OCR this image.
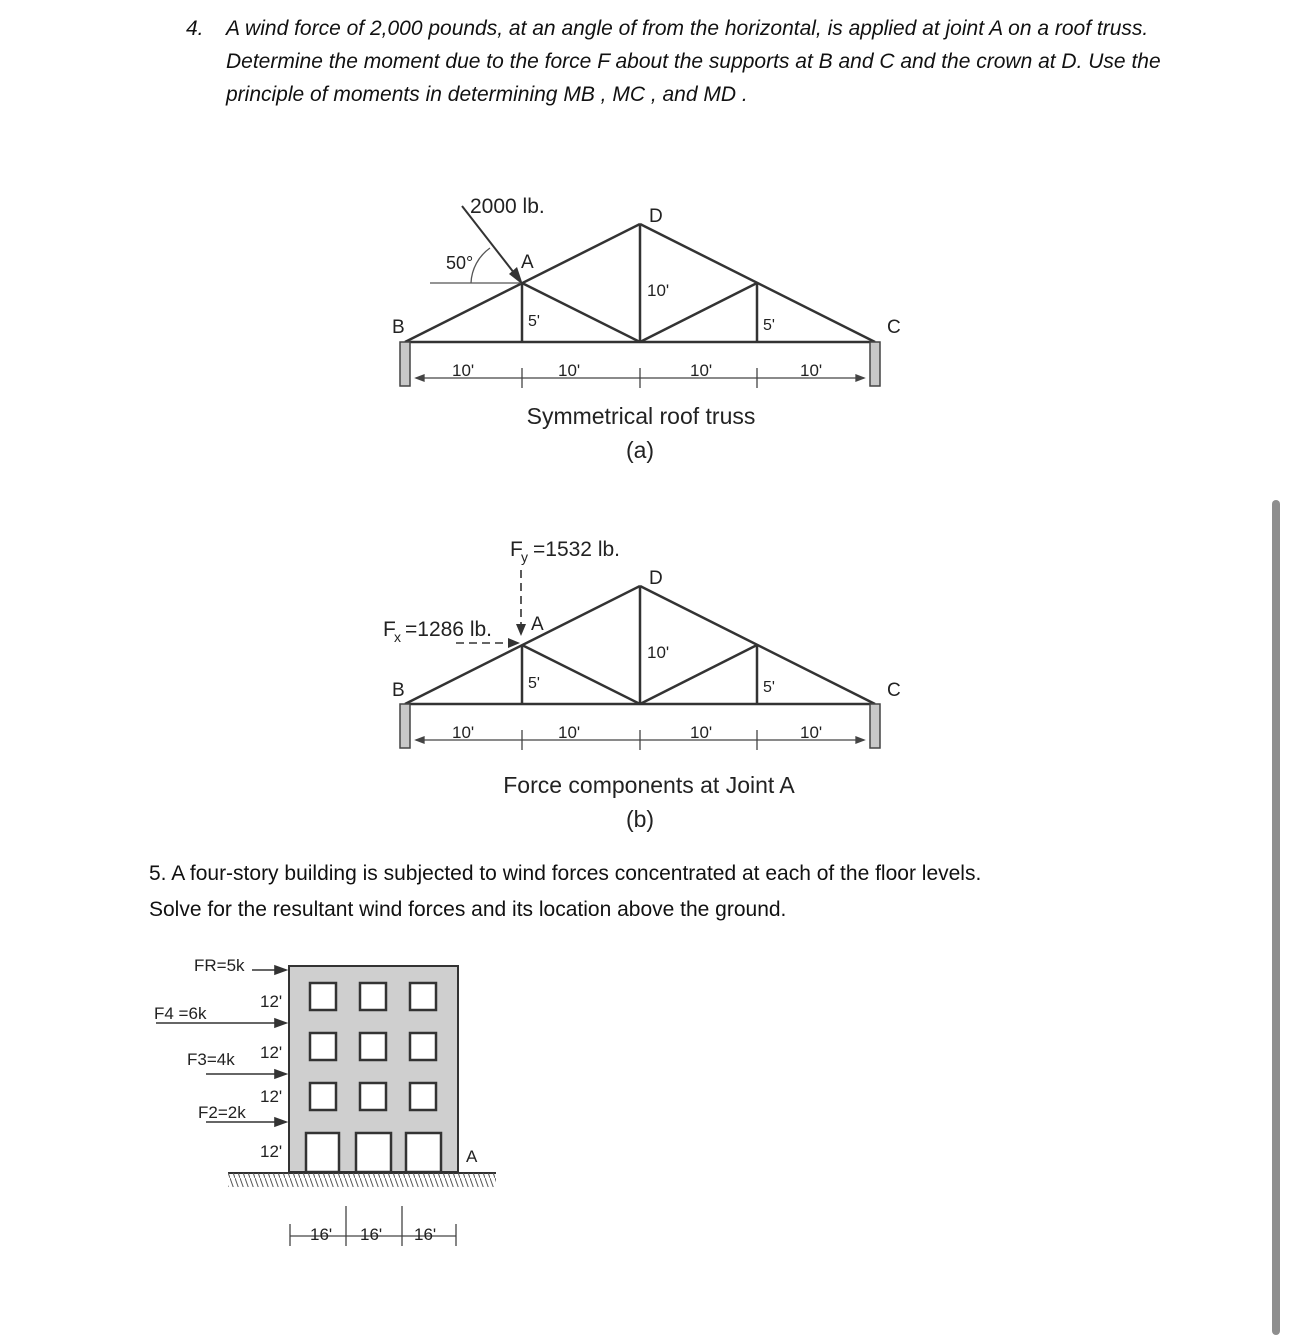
4. A wind force of 2,000 pounds, at an angle of from the horizontal, is applied at joint A on a roof truss. Determine the moment due to the force F about the supports at B and C and the crown at D. Use the principle of moments in determining MB , MC , and MD .
2000 lb.
50°	A
D
B	C
10'
5'	5'
10'	10'	10'	10'
Symmetrical roof truss
(a)
F
y =1532 lb.
F
x =1286 lb. A
D
B	C
10'
5'	5'
10'	10'	10'	10'
Force components at Joint A
(b)
5. A four-story building is subjected to wind forces concentrated at each of the floor levels.
Solve for the resultant wind forces and its location above the ground.
FR=5k
F4 =6k
F3=4k
F2=2k
12'
12'
12'
12'	A
16' 16' 16'
